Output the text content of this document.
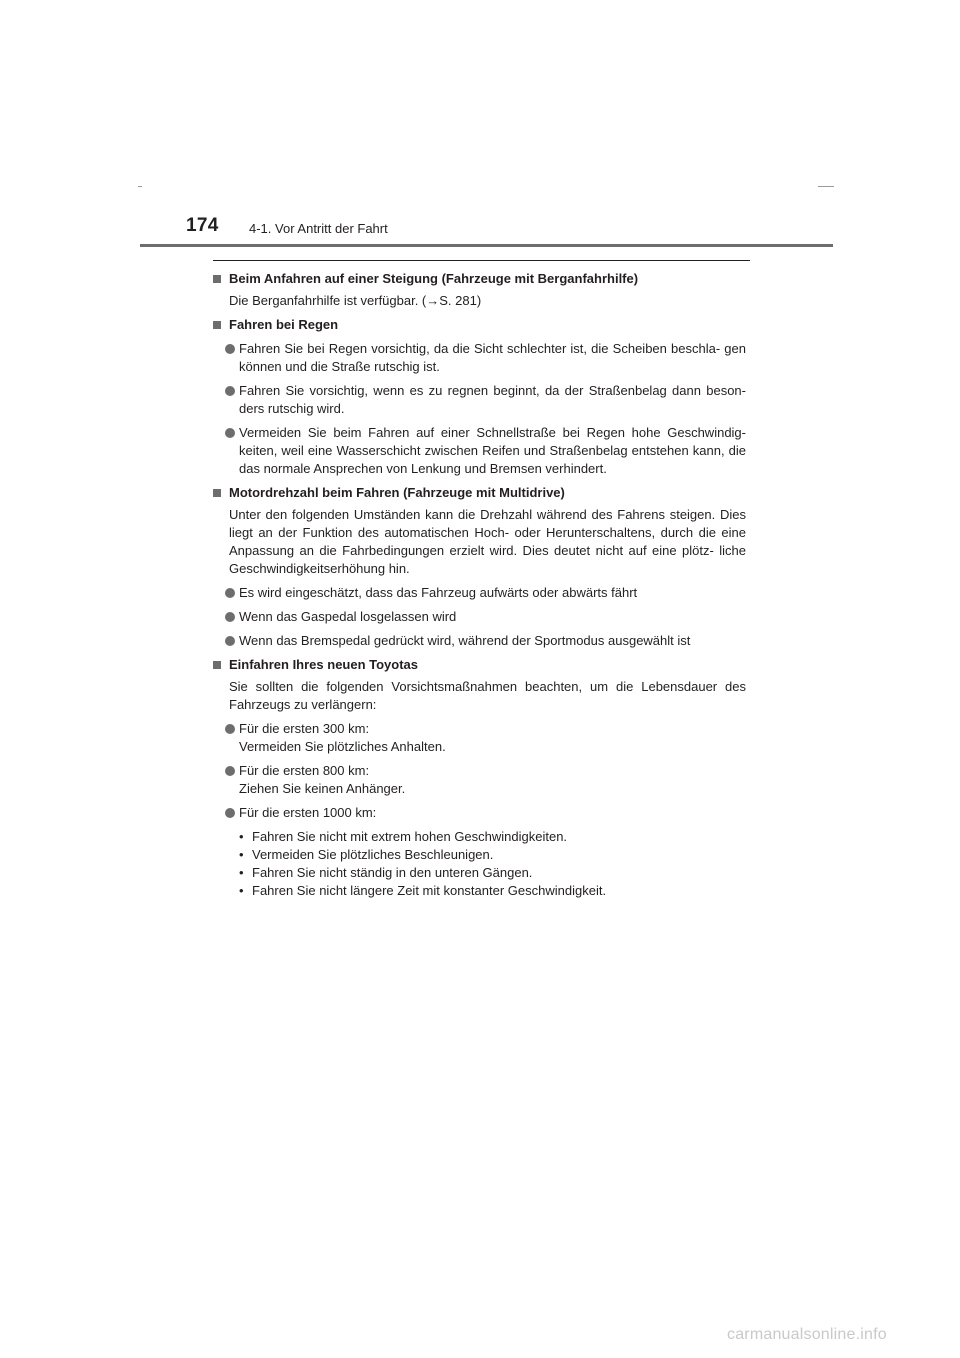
174 4-1. Vor Antritt der Fahrt
Beim Anfahren auf einer Steigung (Fahrzeuge mit Berganfahrhilfe)
Die Berganfahrhilfe ist verfügbar. (→S. 281)
Fahren bei Regen
Fahren Sie bei Regen vorsichtig, da die Sicht schlechter ist, die Scheiben beschla- gen können und die Straße rutschig ist.
Fahren Sie vorsichtig, wenn es zu regnen beginnt, da der Straßenbelag dann beson- ders rutschig wird.
Vermeiden Sie beim Fahren auf einer Schnellstraße bei Regen hohe Geschwindig- keiten, weil eine Wasserschicht zwischen Reifen und Straßenbelag entstehen kann, die das normale Ansprechen von Lenkung und Bremsen verhindert.
Motordrehzahl beim Fahren (Fahrzeuge mit Multidrive)
Unter den folgenden Umständen kann die Drehzahl während des Fahrens steigen. Dies liegt an der Funktion des automatischen Hoch- oder Herunterschaltens, durch die eine Anpassung an die Fahrbedingungen erzielt wird. Dies deutet nicht auf eine plötz- liche Geschwindigkeitserhöhung hin.
Es wird eingeschätzt, dass das Fahrzeug aufwärts oder abwärts fährt
Wenn das Gaspedal losgelassen wird
Wenn das Bremspedal gedrückt wird, während der Sportmodus ausgewählt ist
Einfahren Ihres neuen Toyotas
Sie sollten die folgenden Vorsichtsmaßnahmen beachten, um die Lebensdauer des Fahrzeugs zu verlängern:
Für die ersten 300 km:
Vermeiden Sie plötzliches Anhalten.
Für die ersten 800 km:
Ziehen Sie keinen Anhänger.
Für die ersten 1000 km:
• Fahren Sie nicht mit extrem hohen Geschwindigkeiten.
• Vermeiden Sie plötzliches Beschleunigen.
• Fahren Sie nicht ständig in den unteren Gängen.
• Fahren Sie nicht längere Zeit mit konstanter Geschwindigkeit.
carmanualsonline.info
